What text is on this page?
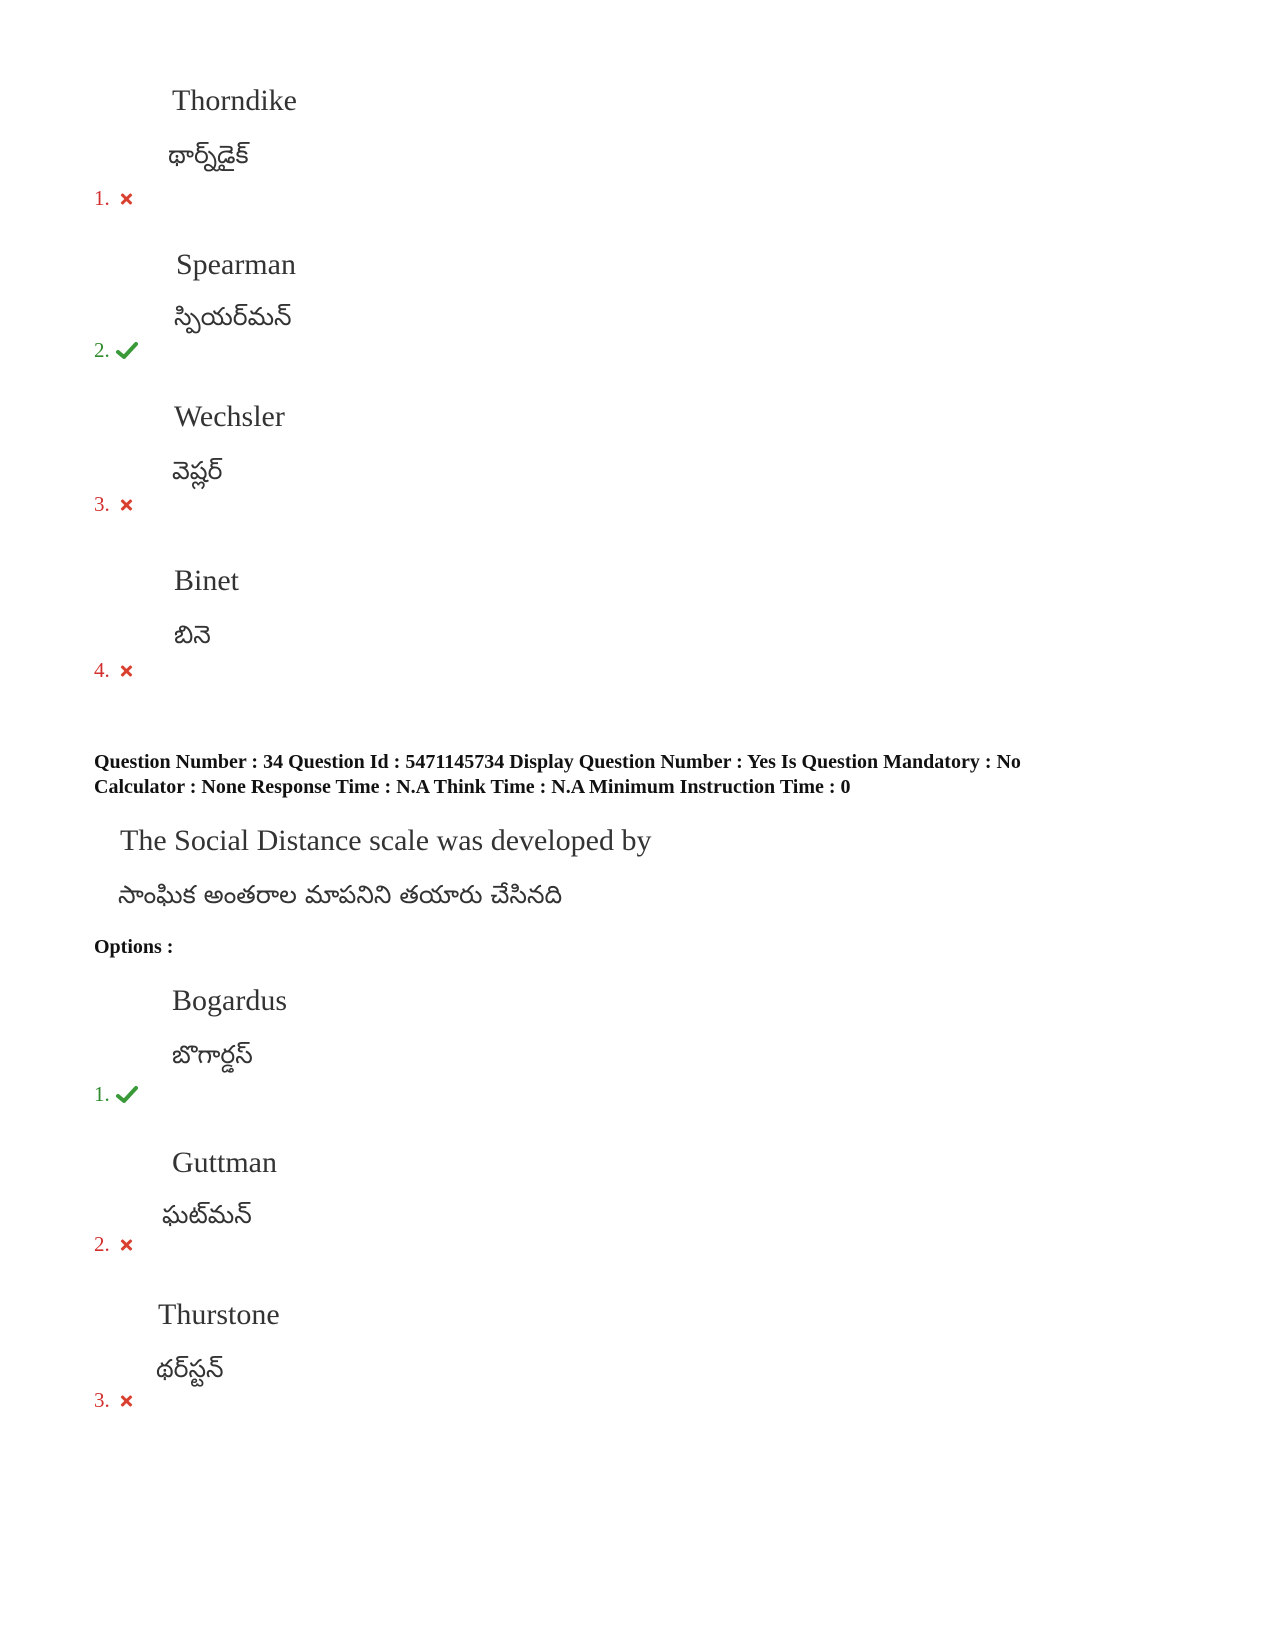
Thorndike
థార్న్‌డైక్
1.
Spearman
స్పియర్‌మన్
2.
Wechsler
వెష్లర్
3.
Binet
బినె
4.
Question Number : 34 Question Id : 5471145734 Display Question Number : Yes Is Question Mandatory : No
Calculator : None Response Time : N.A Think Time : N.A Minimum Instruction Time : 0
The Social Distance scale was developed by
సాంఘిక అంతరాల మాపనిని తయారు చేసినది
Options :
Bogardus
బొగార్డస్
1.
Guttman
ఘట్‌మన్
2.
Thurstone
థర్‌స్టన్
3.
